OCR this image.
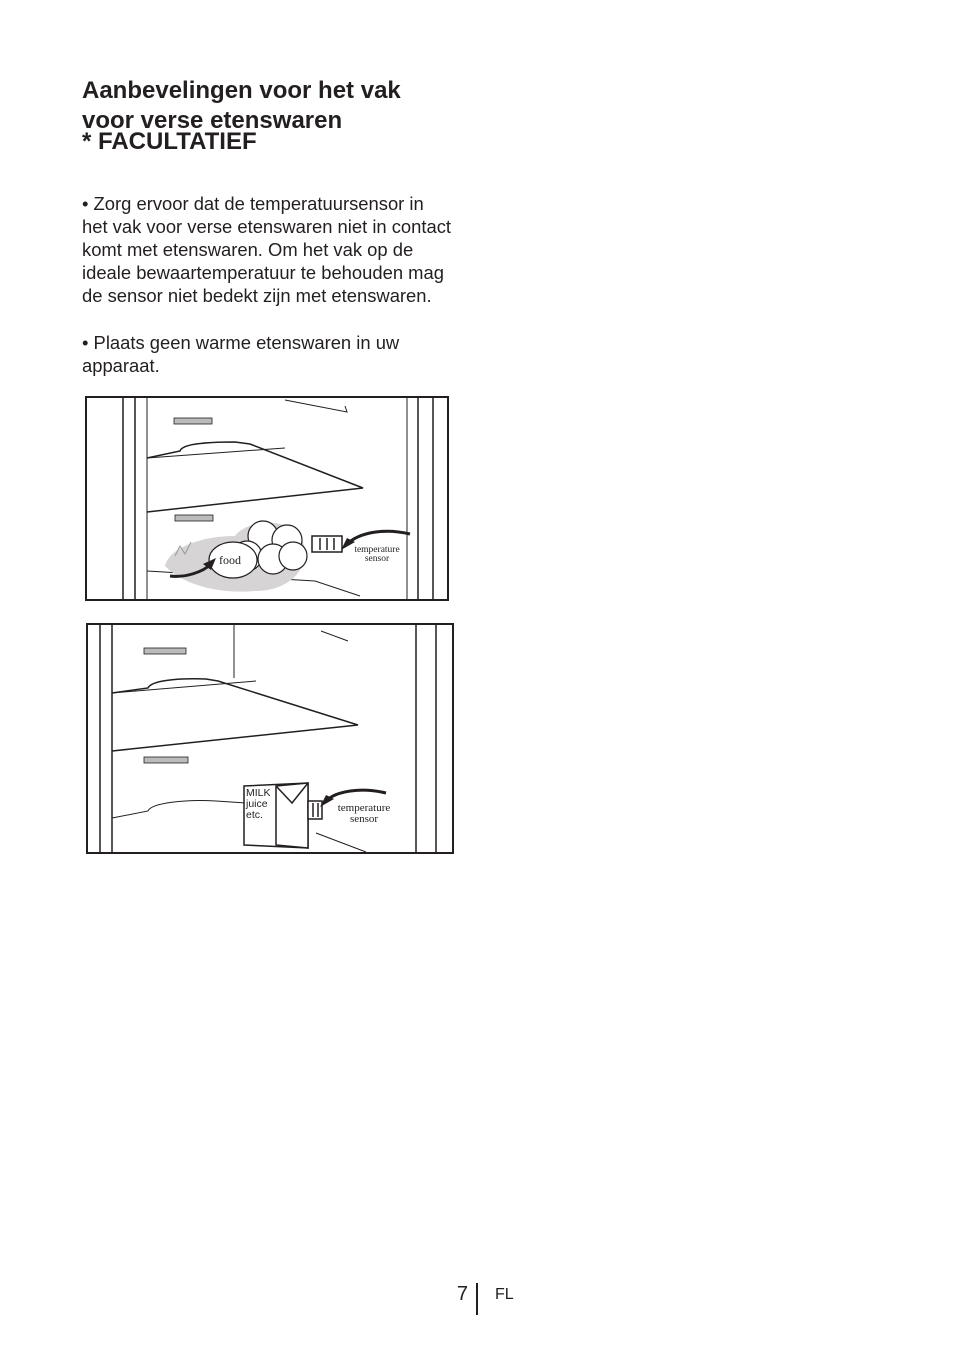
Aanbevelingen voor het vak
voor verse etenswaren
* FACULTATIEF

• Zorg ervoor dat de temperatuursensor in het vak voor verse etenswaren niet in contact komt met etenswaren. Om het vak op de ideale bewaartemperatuur te behouden mag de sensor niet bedekt zijn met etenswaren.

• Plaats geen warme etenswaren in uw apparaat.

food
temperature
sensor
MILK
juice
etc.
temperature
sensor
7 FL
